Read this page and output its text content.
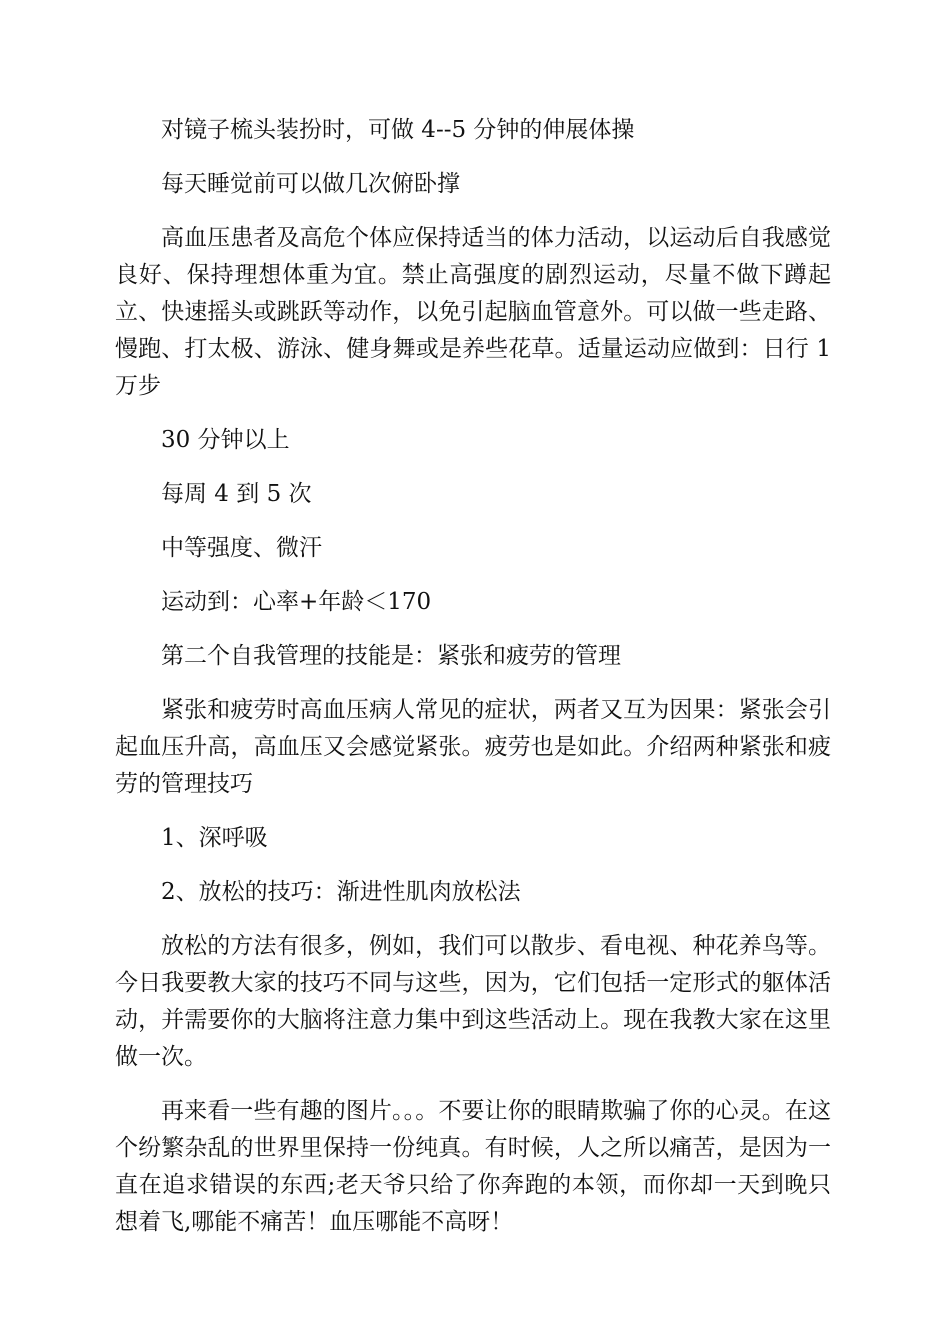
对镜子梳头装扮时，可做 4--5 分钟的伸展体操

每天睡觉前可以做几次俯卧撑

高血压患者及高危个体应保持适当的体力活动，以运动后自我感觉良好、保持理想体重为宜。禁止高强度的剧烈运动，尽量不做下蹲起立、快速摇头或跳跃等动作，以免引起脑血管意外。可以做一些走路、慢跑、打太极、游泳、健身舞或是养些花草。适量运动应做到：日行 1 万步

30 分钟以上

每周 4 到 5 次

中等强度、微汗

运动到：心率+年龄＜170

第二个自我管理的技能是：紧张和疲劳的管理

紧张和疲劳时高血压病人常见的症状，两者又互为因果：紧张会引起血压升高，高血压又会感觉紧张。疲劳也是如此。介绍两种紧张和疲劳的管理技巧

1、深呼吸

2、放松的技巧：渐进性肌肉放松法

放松的方法有很多，例如，我们可以散步、看电视、种花养鸟等。今日我要教大家的技巧不同与这些，因为，它们包括一定形式的躯体活动，并需要你的大脑将注意力集中到这些活动上。现在我教大家在这里做一次。

再来看一些有趣的图片。。。不要让你的眼睛欺骗了你的心灵。在这个纷繁杂乱的世界里保持一份纯真。有时候，人之所以痛苦，是因为一直在追求错误的东西;老天爷只给了你奔跑的本领，而你却一天到晚只想着飞,哪能不痛苦！血压哪能不高呀！
